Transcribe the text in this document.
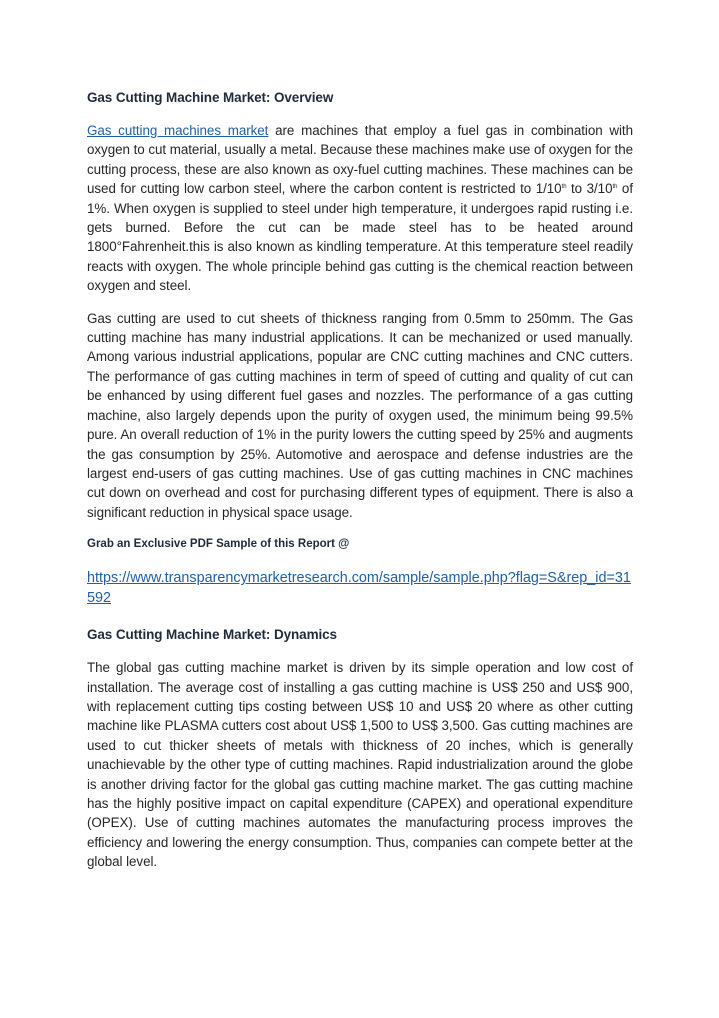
Gas Cutting Machine Market: Overview

Gas cutting machines market are machines that employ a fuel gas in combination with oxygen to cut material, usually a metal. Because these machines make use of oxygen for the cutting process, these are also known as oxy-fuel cutting machines. These machines can be used for cutting low carbon steel, where the carbon content is restricted to 1/10th to 3/10th of 1%. When oxygen is supplied to steel under high temperature, it undergoes rapid rusting i.e. gets burned. Before the cut can be made steel has to be heated around 1800°Fahrenheit.this is also known as kindling temperature. At this temperature steel readily reacts with oxygen. The whole principle behind gas cutting is the chemical reaction between oxygen and steel.

Gas cutting are used to cut sheets of thickness ranging from 0.5mm to 250mm. The Gas cutting machine has many industrial applications. It can be mechanized or used manually. Among various industrial applications, popular are CNC cutting machines and CNC cutters. The performance of gas cutting machines in term of speed of cutting and quality of cut can be enhanced by using different fuel gases and nozzles. The performance of a gas cutting machine, also largely depends upon the purity of oxygen used, the minimum being 99.5% pure. An overall reduction of 1% in the purity lowers the cutting speed by 25% and augments the gas consumption by 25%. Automotive and aerospace and defense industries are the largest end-users of gas cutting machines. Use of gas cutting machines in CNC machines cut down on overhead and cost for purchasing different types of equipment. There is also a significant reduction in physical space usage.

Grab an Exclusive PDF Sample of this Report @
https://www.transparencymarketresearch.com/sample/sample.php?flag=S&rep_id=31592
Gas Cutting Machine Market: Dynamics

The global gas cutting machine market is driven by its simple operation and low cost of installation. The average cost of installing a gas cutting machine is US$ 250 and US$ 900, with replacement cutting tips costing between US$ 10 and US$ 20 where as other cutting machine like PLASMA cutters cost about US$ 1,500 to US$ 3,500. Gas cutting machines are used to cut thicker sheets of metals with thickness of 20 inches, which is generally unachievable by the other type of cutting machines. Rapid industrialization around the globe is another driving factor for the global gas cutting machine market. The gas cutting machine has the highly positive impact on capital expenditure (CAPEX) and operational expenditure (OPEX). Use of cutting machines automates the manufacturing process improves the efficiency and lowering the energy consumption. Thus, companies can compete better at the global level.
